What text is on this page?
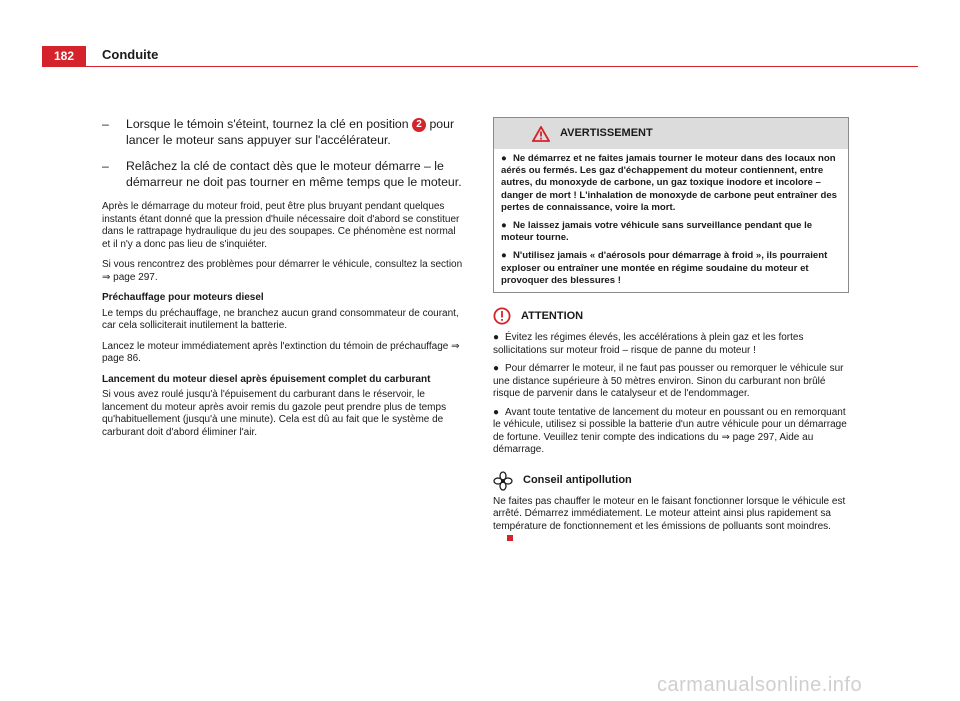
182	Conduite
–	Lorsque le témoin s'éteint, tournez la clé en position 2 pour lancer le moteur sans appuyer sur l'accélérateur.
–	Relâchez la clé de contact dès que le moteur démarre – le démarreur ne doit pas tourner en même temps que le moteur.

Après le démarrage du moteur froid, peut être plus bruyant pendant quelques instants étant donné que la pression d'huile nécessaire doit d'abord se constituer dans le rattrapage hydraulique du jeu des soupapes. Ce phénomène est normal et il n'y a donc pas lieu de s'inquiéter.

Si vous rencontrez des problèmes pour démarrer le véhicule, consultez la section ⇒ page 297.

Préchauffage pour moteurs diesel

Le temps du préchauffage, ne branchez aucun grand consommateur de courant, car cela solliciterait inutilement la batterie.

Lancez le moteur immédiatement après l'extinction du témoin de préchauffage ⇒ page 86.

Lancement du moteur diesel après épuisement complet du carburant

Si vous avez roulé jusqu'à l'épuisement du carburant dans le réservoir, le lancement du moteur après avoir remis du gazole peut prendre plus de temps qu'habituellement (jusqu'à une minute). Cela est dû au fait que le système de carburant doit d'abord éliminer l'air.

AVERTISSEMENT
● Ne démarrez et ne faites jamais tourner le moteur dans des locaux non aérés ou fermés. Les gaz d'échappement du moteur contiennent, entre autres, du monoxyde de carbone, un gaz toxique inodore et incolore – danger de mort ! L'inhalation de monoxyde de carbone peut entraîner des pertes de connaissance, voire la mort.
● Ne laissez jamais votre véhicule sans surveillance pendant que le moteur tourne.
● N'utilisez jamais « d'aérosols pour démarrage à froid », ils pourraient exploser ou entraîner une montée en régime soudaine du moteur et provoquer des blessures !
ATTENTION
● Évitez les régimes élevés, les accélérations à plein gaz et les fortes sollicitations sur moteur froid – risque de panne du moteur !
● Pour démarrer le moteur, il ne faut pas pousser ou remorquer le véhicule sur une distance supérieure à 50 mètres environ. Sinon du carburant non brûlé risque de parvenir dans le catalyseur et de l'endommager.
● Avant toute tentative de lancement du moteur en poussant ou en remorquant le véhicule, utilisez si possible la batterie d'un autre véhicule pour un démarrage de fortune. Veuillez tenir compte des indications du ⇒ page 297, Aide au démarrage.
Conseil antipollution
Ne faites pas chauffer le moteur en le faisant fonctionner lorsque le véhicule est arrêté. Démarrez immédiatement. Le moteur atteint ainsi plus rapidement sa température de fonctionnement et les émissions de polluants sont moindres.
carmanualsonline.info
